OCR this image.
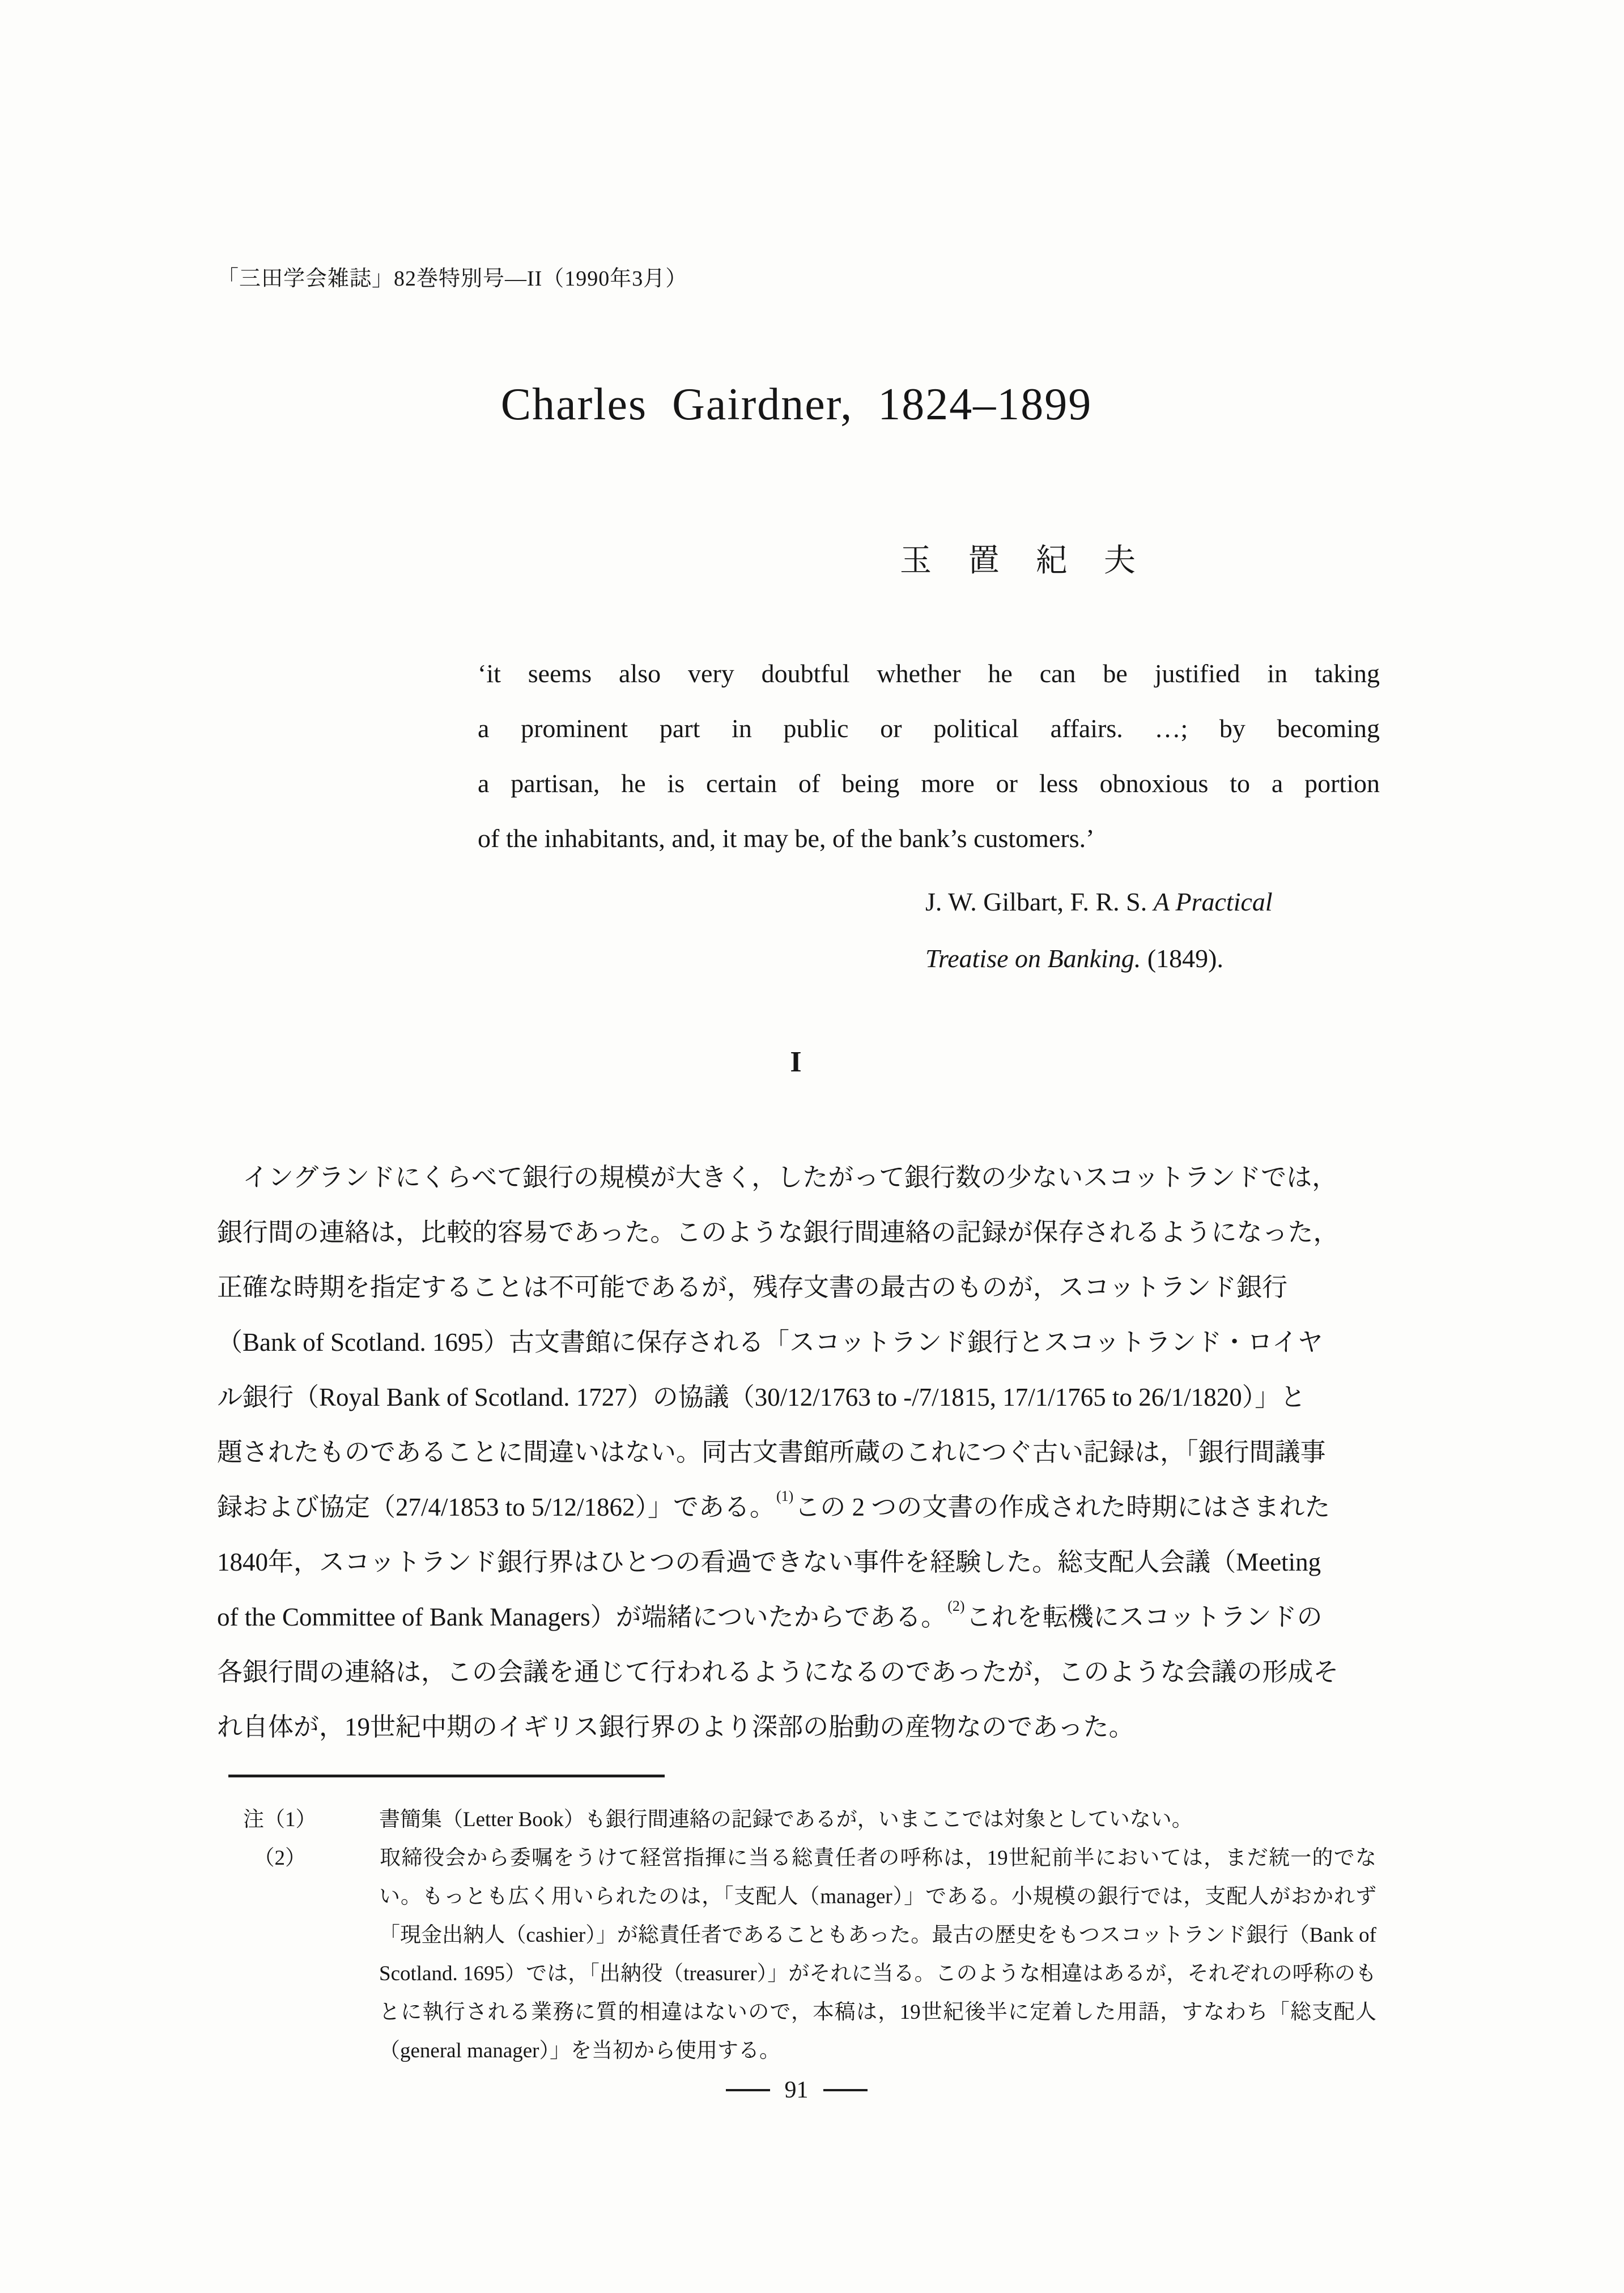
「三田学会雑誌」82巻特別号—II（1990年3月）
Charles Gairdner, 1824–1899
玉　置　紀　夫
‘it seems also very doubtful whether he can be justified in taking
a prominent part in public or political affairs. …; by becoming
a partisan, he is certain of being more or less obnoxious to a portion
of the inhabitants, and, it may be, of the bank’s customers.’
J. W. Gilbart, F. R. S. A Practical
Treatise on Banking. (1849).
I
　イングランドにくらべて銀行の規模が大きく，したがって銀行数の少ないスコットランドでは，
銀行間の連絡は，比較的容易であった。このような銀行間連絡の記録が保存されるようになった，
正確な時期を指定することは不可能であるが，残存文書の最古のものが，スコットランド銀行
（Bank of Scotland. 1695）古文書館に保存される「スコットランド銀行とスコットランド・ロイヤ
ル銀行（Royal Bank of Scotland. 1727）の協議（30/12/1763 to -/7/1815, 17/1/1765 to 26/1/1820）」と
題されたものであることに間違いはない。同古文書館所蔵のこれにつぐ古い記録は，「銀行間議事
録および協定（27/4/1853 to 5/12/1862）」である。(1)この 2 つの文書の作成された時期にはさまれた
1840年，スコットランド銀行界はひとつの看過できない事件を経験した。総支配人会議（Meeting
of the Committee of Bank Managers）が端緒についたからである。(2)これを転機にスコットランドの
各銀行間の連絡は，この会議を通じて行われるようになるのであったが，このような会議の形成そ
れ自体が，19世紀中期のイギリス銀行界のより深部の胎動の産物なのであった。
注（1）	書簡集（Letter Book）も銀行間連絡の記録であるが，いまここでは対象としていない。
　（2）	取締役会から委嘱をうけて経営指揮に当る総責任者の呼称は，19世紀前半においては，まだ統一的でない。もっとも広く用いられたのは，「支配人（manager）」である。小規模の銀行では，支配人がおかれず「現金出納人（cashier）」が総責任者であることもあった。最古の歴史をもつスコットランド銀行（Bank of Scotland. 1695）では，「出納役（treasurer）」がそれに当る。このような相違はあるが，それぞれの呼称のもとに執行される業務に質的相違はないので，本稿は，19世紀後半に定着した用語，すなわち「総支配人（general manager）」を当初から使用する。
91
